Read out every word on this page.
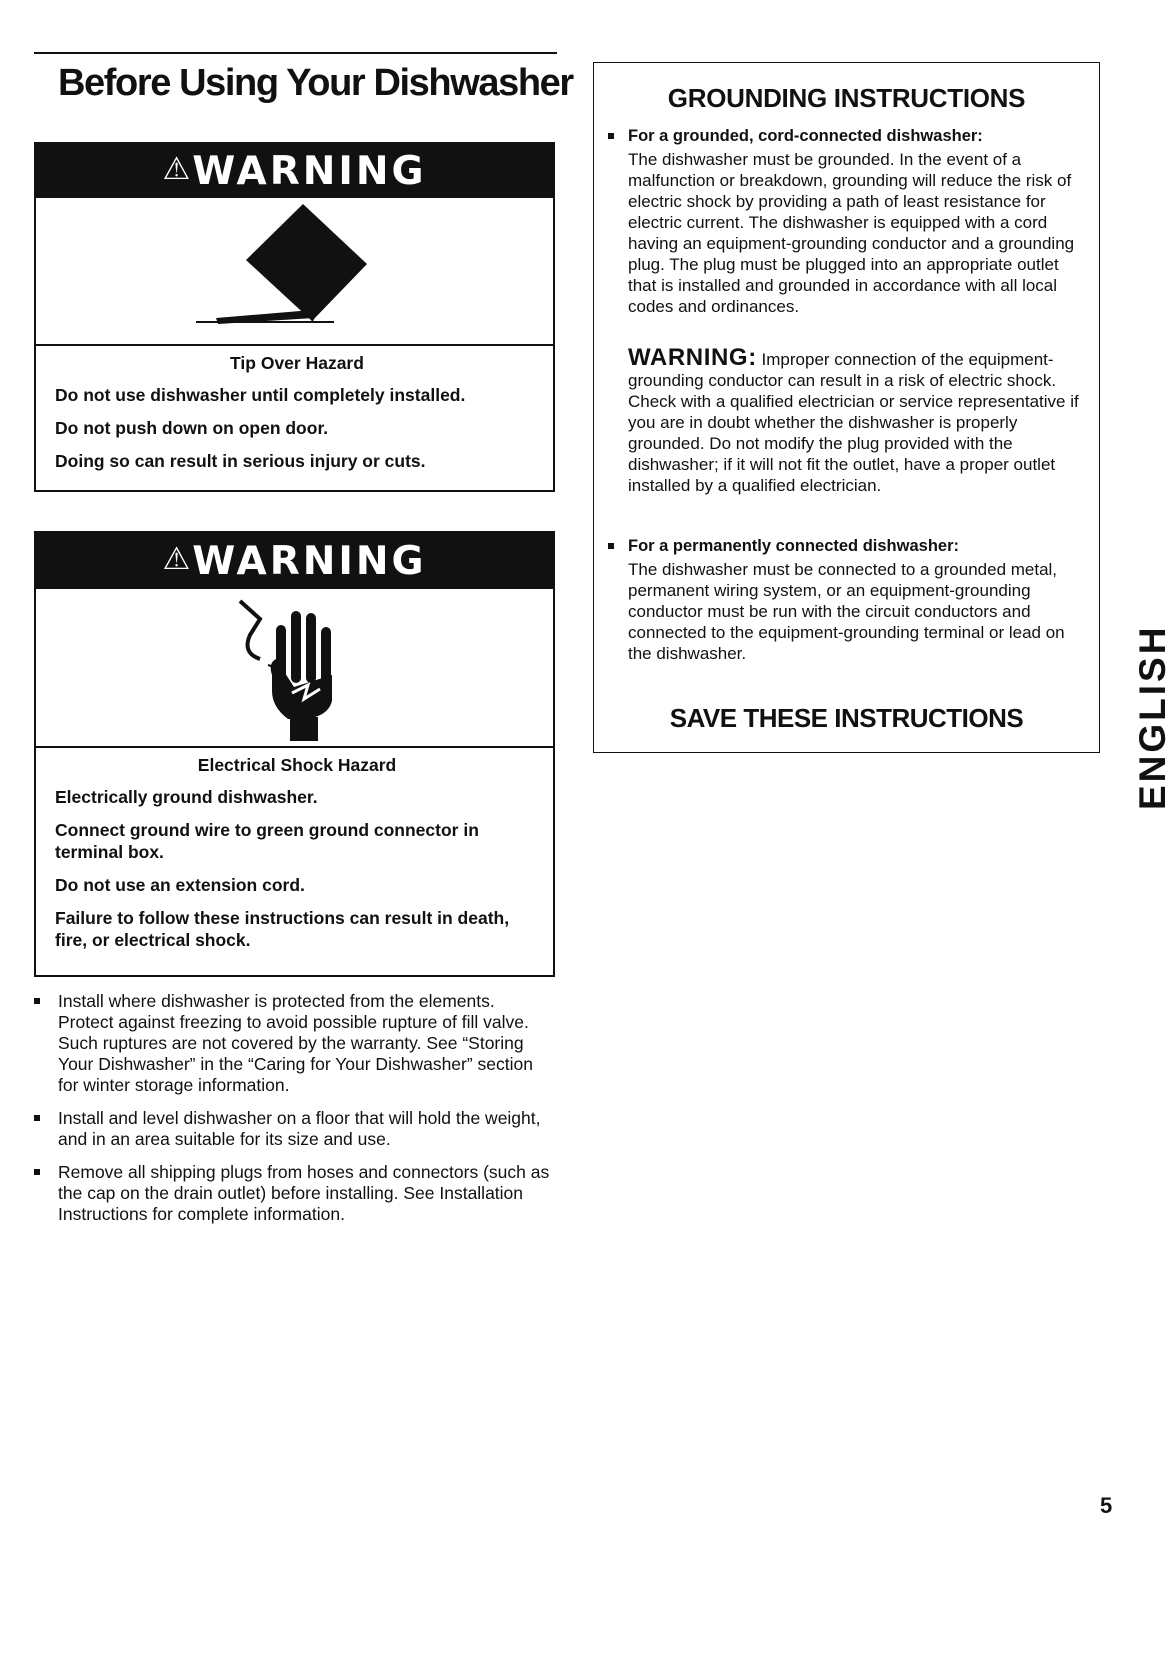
Before Using Your Dishwasher
⚠ WARNING
Tip Over Hazard

Do not use dishwasher until completely installed.

Do not push down on open door.

Doing so can result in serious injury or cuts.

⚠ WARNING
Electrical Shock Hazard

Electrically ground dishwasher.

Connect ground wire to green ground connector in terminal box.

Do not use an extension cord.

Failure to follow these instructions can result in death, fire, or electrical shock.

Install where dishwasher is protected from the elements. Protect against freezing to avoid possible rupture of fill valve. Such ruptures are not covered by the warranty. See “Storing Your Dishwasher” in the “Caring for Your Dishwasher” section for winter storage information.
Install and level dishwasher on a floor that will hold the weight, and in an area suitable for its size and use.
Remove all shipping plugs from hoses and connectors (such as the cap on the drain outlet) before installing. See Installation Instructions for complete information.
GROUNDING INSTRUCTIONS
For a grounded, cord-connected dishwasher:
The dishwasher must be grounded. In the event of a malfunction or breakdown, grounding will reduce the risk of electric shock by providing a path of least resistance for electric current. The dishwasher is equipped with a cord having an equipment-grounding conductor and a grounding plug. The plug must be plugged into an appropriate outlet that is installed and grounded in accordance with all local codes and ordinances.
WARNING: Improper connection of the equipment-grounding conductor can result in a risk of electric shock. Check with a qualified electrician or service representative if you are in doubt whether the dishwasher is properly grounded. Do not modify the plug provided with the dishwasher; if it will not fit the outlet, have a proper outlet installed by a qualified electrician.
For a permanently connected dishwasher:
The dishwasher must be connected to a grounded metal, permanent wiring system, or an equipment-grounding conductor must be run with the circuit conductors and connected to the equipment-grounding terminal or lead on the dishwasher.
SAVE THESE INSTRUCTIONS	ENGLISH
5
